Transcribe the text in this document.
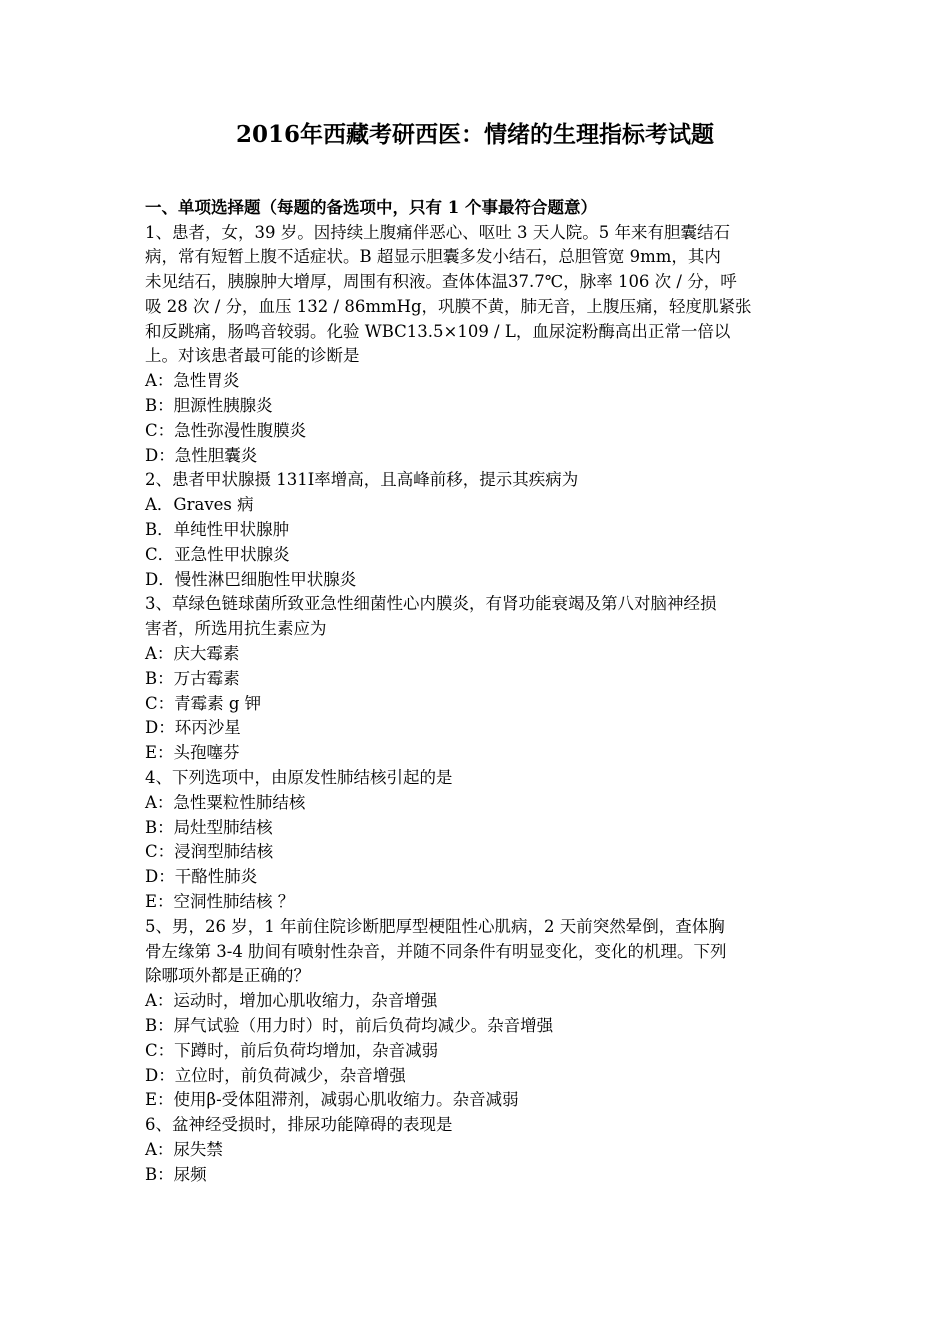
2016年西藏考研西医：情绪的生理指标考试题

一、单项选择题（每题的备选项中，只有 1 个事最符合题意）

1、患者，女，39 岁。因持续上腹痛伴恶心、呕吐 3 天人院。5 年来有胆囊结石

病，常有短暂上腹不适症状。B 超显示胆囊多发小结石，总胆管宽 9mm，其内

未见结石，胰腺肿大增厚，周围有积液。查体体温37.7℃，脉率 106 次 / 分，呼

吸 28 次 / 分，血压 132 / 86mmHg，巩膜不黄，肺无音，上腹压痛，轻度肌紧张

和反跳痛，肠鸣音较弱。化验 WBC13.5×109 / L，血尿淀粉酶高出正常一倍以

上。对该患者最可能的诊断是

A：急性胃炎

B：胆源性胰腺炎

C：急性弥漫性腹膜炎

D：急性胆囊炎

2、患者甲状腺摄 131Ⅰ率增高，且高峰前移，提示其疾病为

A．Graves 病

B．单纯性甲状腺肿

C．亚急性甲状腺炎

D．慢性淋巴细胞性甲状腺炎

3、草绿色链球菌所致亚急性细菌性心内膜炎，有肾功能衰竭及第八对脑神经损

害者，所选用抗生素应为

A：庆大霉素

B：万古霉素

C：青霉素 g 钾

D：环丙沙星

E：头孢噻芬

4、下列选项中，由原发性肺结核引起的是

A：急性粟粒性肺结核

B：局灶型肺结核

C：浸润型肺结核

D：干酪性肺炎

E：空洞性肺结核 ？

5、男，26 岁，1 年前住院诊断肥厚型梗阻性心肌病，2 天前突然晕倒，查体胸

骨左缘第 3-4 肋间有喷射性杂音，并随不同条件有明显变化，变化的机理。下列

除哪项外都是正确的？

A：运动时，增加心肌收缩力，杂音增强

B：屏气试验（用力时）时，前后负荷均减少。杂音增强

C：下蹲时，前后负荷均增加，杂音减弱

D：立位时，前负荷减少，杂音增强

E：使用β-受体阻滞剂，减弱心肌收缩力。杂音减弱

6、盆神经受损时，排尿功能障碍的表现是

A：尿失禁

B：尿频
